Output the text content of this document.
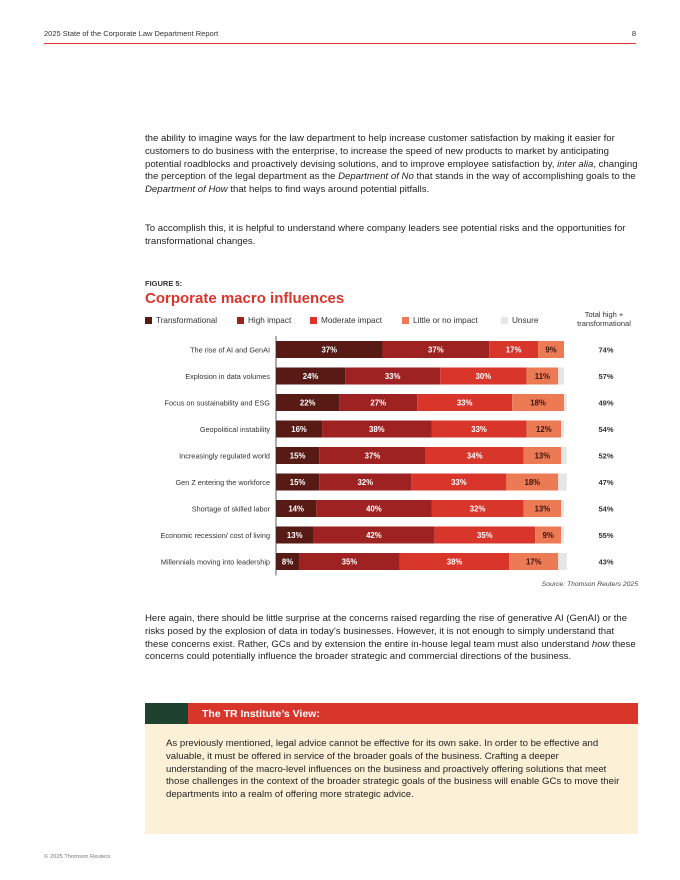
2025 State of the Corporate Law Department Report	8

the ability to imagine ways for the law department to help increase customer satisfaction by making it easier for customers to do business with the enterprise, to increase the speed of new products to market by anticipating potential roadblocks and proactively devising solutions, and to improve employee satisfaction by, inter alia, changing the perception of the legal department as the Department of No that stands in the way of accomplishing goals to the Department of How that helps to find ways around potential pitfalls.

To accomplish this, it is helpful to understand where company leaders see potential risks and the opportunities for transformational changes.

FIGURE 5:
Corporate macro influences
Transformational	High impact	Moderate impact	Little or no impact	Unsure
Total high + transformational
The rise of AI and GenAI	37%	37%	17%	9%	74%
Explosion in data volumes	24%	33%	30%	11%	57%
Focus on sustainability and ESG	22%	27%	33%	18%	49%
Geopolitical instability	16%	38%	33%	12%	54%
Increasingly regulated world	15%	37%	34%	13%	52%
Gen Z entering the workforce	15%	32%	33%	18%	47%
Shortage of skilled labor 14%	40%	32%	13%	54%
Economic recession/ cost of living 13%	42%	35%	9%	55%
Millennials moving into leadership 8%	35%	38%	17%	43%
Source: Thomson Reuters 2025

Here again, there should be little surprise at the concerns raised regarding the rise of generative AI (GenAI) or the risks posed by the explosion of data in today’s businesses. However, it is not enough to simply understand that these concerns exist. Rather, GCs and by extension the entire in-house legal team must also understand how these concerns could potentially influence the broader strategic and commercial directions of the business.

The TR Institute’s View:

As previously mentioned, legal advice cannot be effective for its own sake. In order to be effective and valuable, it must be offered in service of the broader goals of the business. Crafting a deeper understanding of the macro-level influences on the business and proactively offering solutions that meet those challenges in the context of the broader strategic goals of the business will enable GCs to move their departments into a realm of offering more strategic advice.

© 2025 Thomson Reuters
